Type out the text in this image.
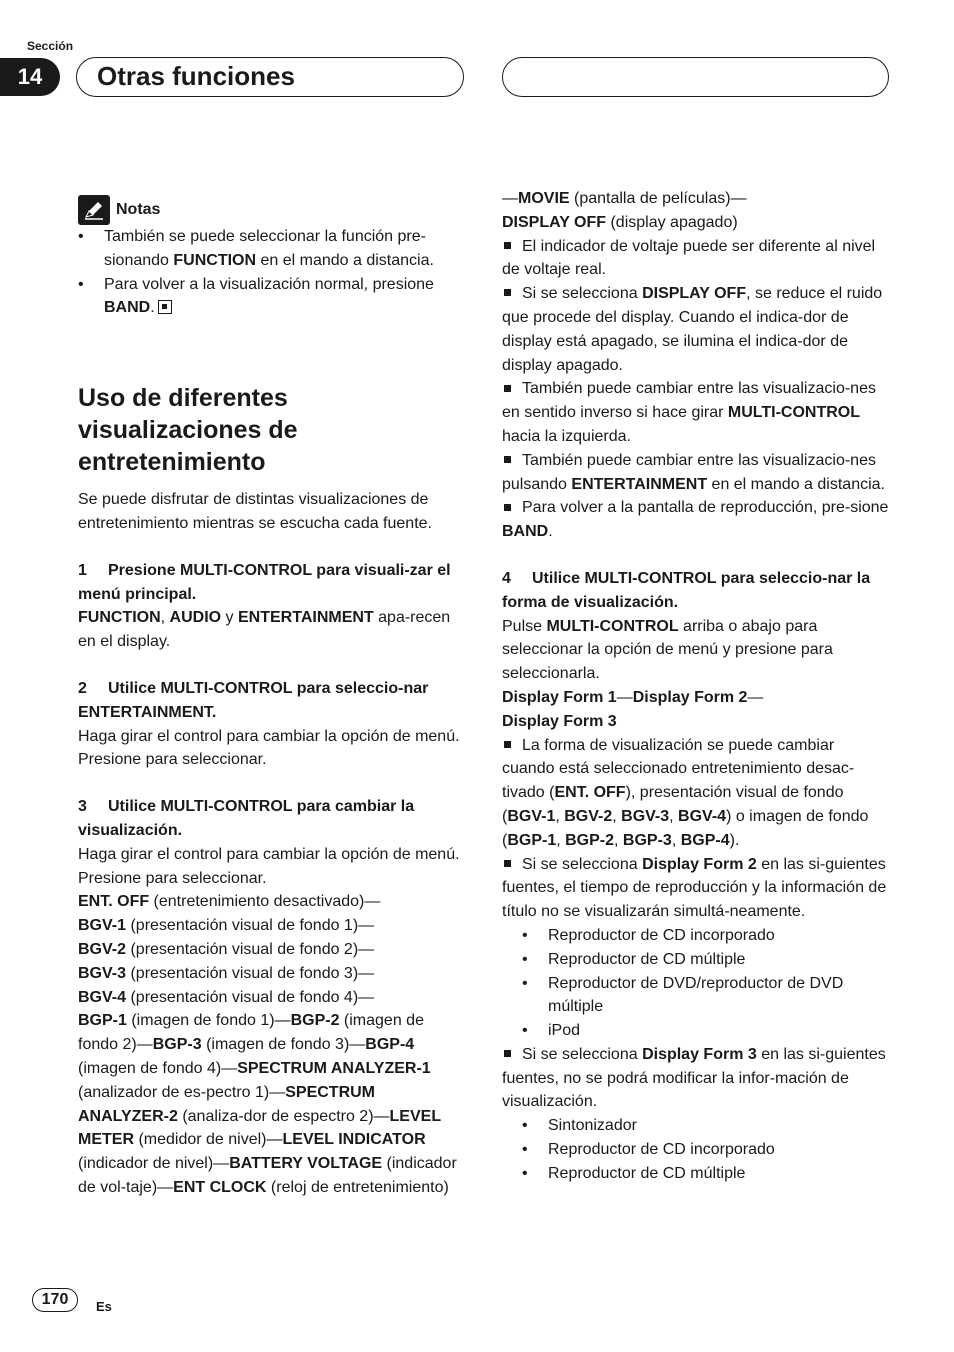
Sección
14	Otras funciones
Notas
• También se puede seleccionar la función pre-sionando FUNCTION en el mando a distancia.
• Para volver a la visualización normal, presione BAND.
Uso de diferentes
visualizaciones de
entretenimiento

Se puede disfrutar de distintas visualizaciones de entretenimiento mientras se escucha cada fuente.

1 Presione MULTI-CONTROL para visuali-zar el menú principal.
FUNCTION, AUDIO y ENTERTAINMENT apa-recen en el display.
2 Utilice MULTI-CONTROL para seleccio-nar ENTERTAINMENT.
Haga girar el control para cambiar la opción de menú. Presione para seleccionar.
3 Utilice MULTI-CONTROL para cambiar la visualización.
Haga girar el control para cambiar la opción de menú. Presione para seleccionar.
ENT. OFF (entretenimiento desactivado)—
BGV-1 (presentación visual de fondo 1)—
BGV-2 (presentación visual de fondo 2)—
BGV-3 (presentación visual de fondo 3)—
BGV-4 (presentación visual de fondo 4)—
BGP-1 (imagen de fondo 1)—BGP-2 (imagen de fondo 2)—BGP-3 (imagen de fondo 3)—BGP-4 (imagen de fondo 4)—SPECTRUM ANALYZER-1 (analizador de es-pectro 1)—SPECTRUM ANALYZER-2 (analiza-dor de espectro 2)—LEVEL METER (medidor de nivel)—LEVEL INDICATOR (indicador de nivel)—BATTERY VOLTAGE (indicador de vol-taje)—ENT CLOCK (reloj de entretenimiento)
—MOVIE (pantalla de películas)—
DISPLAY OFF (display apagado)
El indicador de voltaje puede ser diferente al nivel de voltaje real.
Si se selecciona DISPLAY OFF, se reduce el ruido que procede del display. Cuando el indica-dor de display está apagado, se ilumina el indica-dor de display apagado.
También puede cambiar entre las visualizacio-nes en sentido inverso si hace girar MULTI-CONTROL hacia la izquierda.
También puede cambiar entre las visualizacio-nes pulsando ENTERTAINMENT en el mando a distancia.
Para volver a la pantalla de reproducción, pre-sione BAND.
4 Utilice MULTI-CONTROL para seleccio-nar la forma de visualización.
Pulse MULTI-CONTROL arriba o abajo para seleccionar la opción de menú y presione para seleccionarla.
Display Form 1—Display Form 2—
Display Form 3
La forma de visualización se puede cambiar cuando está seleccionado entretenimiento desac-tivado (ENT. OFF), presentación visual de fondo (BGV-1, BGV-2, BGV-3, BGV-4) o imagen de fondo (BGP-1, BGP-2, BGP-3, BGP-4).
Si se selecciona Display Form 2 en las si-guientes fuentes, el tiempo de reproducción y la información de título no se visualizarán simultá-neamente.
• Reproductor de CD incorporado
• Reproductor de CD múltiple
• Reproductor de DVD/reproductor de DVD múltiple
• iPod
Si se selecciona Display Form 3 en las si-guientes fuentes, no se podrá modificar la infor-mación de visualización.
• Sintonizador
• Reproductor de CD incorporado
• Reproductor de CD múltiple
170	Es
